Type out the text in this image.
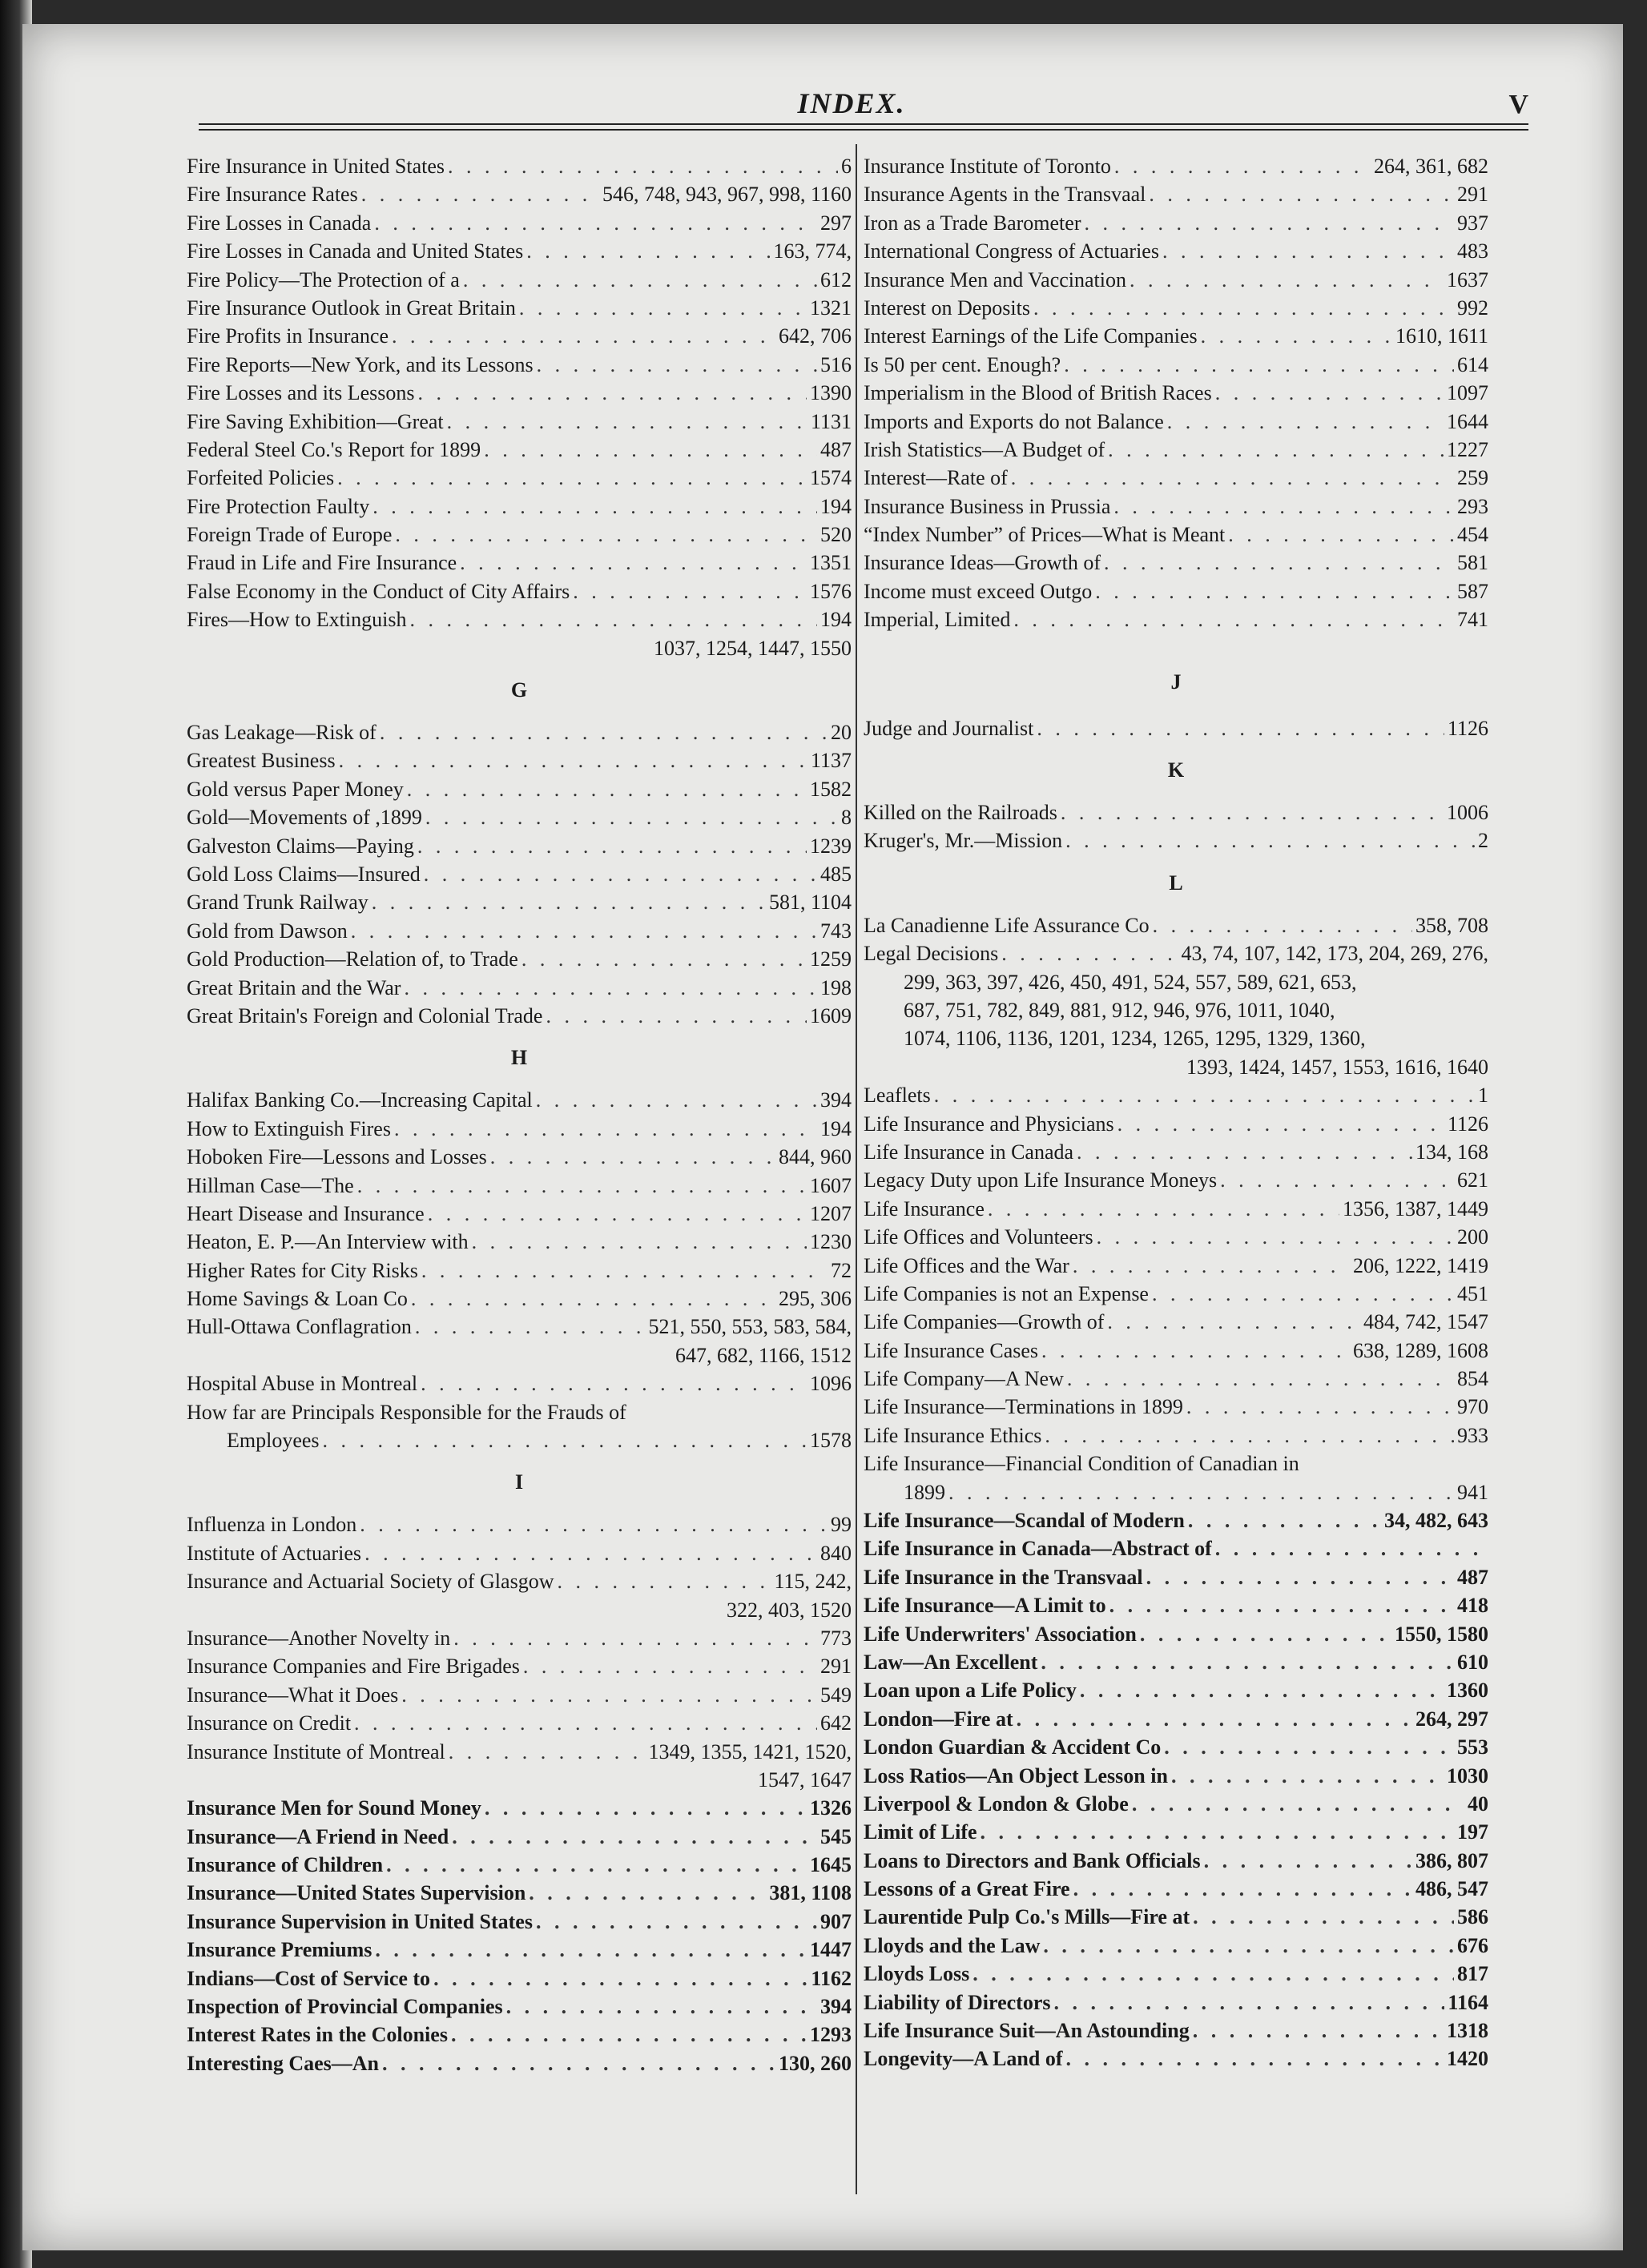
INDEX.	V
Fire Insurance in United States . . .	6
Fire Insurance Rates . . .	546, 748, 943, 967, 998, 1160
Fire Losses in Canada . . .	297
Fire Losses in Canada and United States . . .	163, 774,
Fire Policy—The Protection of a . . .	612
Fire Insurance Outlook in Great Britain . . .	1321
Fire Profits in Insurance . . .	642, 706
Fire Reports—New York, and its Lessons . . .	516
Fire Losses and its Lessons . . .	1390
Fire Saving Exhibition—Great . . .	1131
Federal Steel Co.'s Report for 1899 . . .	487
Forfeited Policies . . .	1574
Fire Protection Faulty . . .	194
Foreign Trade of Europe . . .	520
Fraud in Life and Fire Insurance . . .	1351
False Economy in the Conduct of City Affairs . . .	1576
Fires—How to Extinguish . . .	194
1037, 1254, 1447, 1550
G
Gas Leakage—Risk of . . .	20
Greatest Business . . .	1137
Gold versus Paper Money . . .	1582
Gold—Movements of ,1899 . . .	8
Galveston Claims—Paying . . .	1239
Gold Loss Claims—Insured . . .	485
Grand Trunk Railway . . .	581, 1104
Gold from Dawson . . .	743
Gold Production—Relation of, to Trade . . .	1259
Great Britain and the War . . .	198
Great Britain's Foreign and Colonial Trade . . .	1609
H
Halifax Banking Co.—Increasing Capital . . .	394
How to Extinguish Fires . . .	194
Hoboken Fire—Lessons and Losses . . .	844, 960
Hillman Case—The . . .	1607
Heart Disease and Insurance . . .	1207
Heaton, E. P.—An Interview with . . .	1230
Higher Rates for City Risks . . .	72
Home Savings & Loan Co . . .	295, 306
Hull-Ottawa Conflagration . . .	521, 550, 553, 583, 584,
647, 682, 1166, 1512
Hospital Abuse in Montreal . . .	1096
How far are Principals Responsible for the Frauds of
Employees . . .	1578
I
Influenza in London . . .	99
Institute of Actuaries . . .	840
Insurance and Actuarial Society of Glasgow . . .	115, 242,
322, 403, 1520
Insurance—Another Novelty in . . .	773
Insurance Companies and Fire Brigades . . .	291
Insurance—What it Does . . .	549
Insurance on Credit . . .	642
Insurance Institute of Montreal . . .	1349, 1355, 1421, 1520,
1547, 1647
Insurance Men for Sound Money . . .	1326
Insurance—A Friend in Need . . .	545
Insurance of Children . . .	1645
Insurance—United States Supervision . . .	381, 1108
Insurance Supervision in United States . . .	907
Insurance Premiums . . .	1447
Indians—Cost of Service to . . .	1162
Inspection of Provincial Companies . . .	394
Interest Rates in the Colonies . . .	1293
Interesting Caes—An . . .	130, 260
Insurance Institute of Toronto . . .	264, 361, 682
Insurance Agents in the Transvaal . . .	291
Iron as a Trade Barometer . . .	937
International Congress of Actuaries . . .	483
Insurance Men and Vaccination . . .	1637
Interest on Deposits . . .	992
Interest Earnings of the Life Companies . . .	1610, 1611
Is 50 per cent. Enough? . . .	614
Imperialism in the Blood of British Races . . .	1097
Imports and Exports do not Balance . . .	1644
Irish Statistics—A Budget of . . .	1227
Interest—Rate of . . .	259
Insurance Business in Prussia . . .	293
“Index Number” of Prices—What is Meant . . .	454
Insurance Ideas—Growth of . . .	581
Income must exceed Outgo . . .	587
Imperial, Limited . . .	741
J
Judge and Journalist . . .	1126
K
Killed on the Railroads . . .	1006
Kruger's, Mr.—Mission . . .	2
L
La Canadienne Life Assurance Co . . .	358, 708
Legal Decisions . . .	43, 74, 107, 142, 173, 204, 269, 276,
299, 363, 397, 426, 450, 491, 524, 557, 589, 621, 653,
687, 751, 782, 849, 881, 912, 946, 976, 1011, 1040,
1074, 1106, 1136, 1201, 1234, 1265, 1295, 1329, 1360,
1393, 1424, 1457, 1553, 1616, 1640
Leaflets . . .	1
Life Insurance and Physicians . . .	1126
Life Insurance in Canada . . .	134, 168
Legacy Duty upon Life Insurance Moneys . . .	621
Life Insurance . . .	1356, 1387, 1449
Life Offices and Volunteers . . .	200
Life Offices and the War . . .	206, 1222, 1419
Life Companies is not an Expense . . .	451
Life Companies—Growth of . . .	484, 742, 1547
Life Insurance Cases . . .	638, 1289, 1608
Life Company—A New . . .	854
Life Insurance—Terminations in 1899 . . .	970
Life Insurance Ethics . . .	933
Life Insurance—Financial Condition of Canadian in
1899 . . .	941
Life Insurance—Scandal of Modern . . .	34, 482, 643
Life Insurance in Canada—Abstract of
. . .
Life Insurance in the Transvaal . . .	487
Life Insurance—A Limit to . . .	418
Life Underwriters' Association . . .	1550, 1580
Law—An Excellent . . .	610
Loan upon a Life Policy . . .	1360
London—Fire at . . .	264, 297
London Guardian & Accident Co . . .	553
Loss Ratios—An Object Lesson in . . .	1030
Liverpool & London & Globe . . .	40
Limit of Life . . .	197
Loans to Directors and Bank Officials . . .	386, 807
Lessons of a Great Fire . . .	486, 547
Laurentide Pulp Co.'s Mills—Fire at . . .	586
Lloyds and the Law . . .	676
Lloyds Loss . . .	817
Liability of Directors . . .	1164
Life Insurance Suit—An Astounding . . .	1318
Longevity—A Land of . . .	1420
